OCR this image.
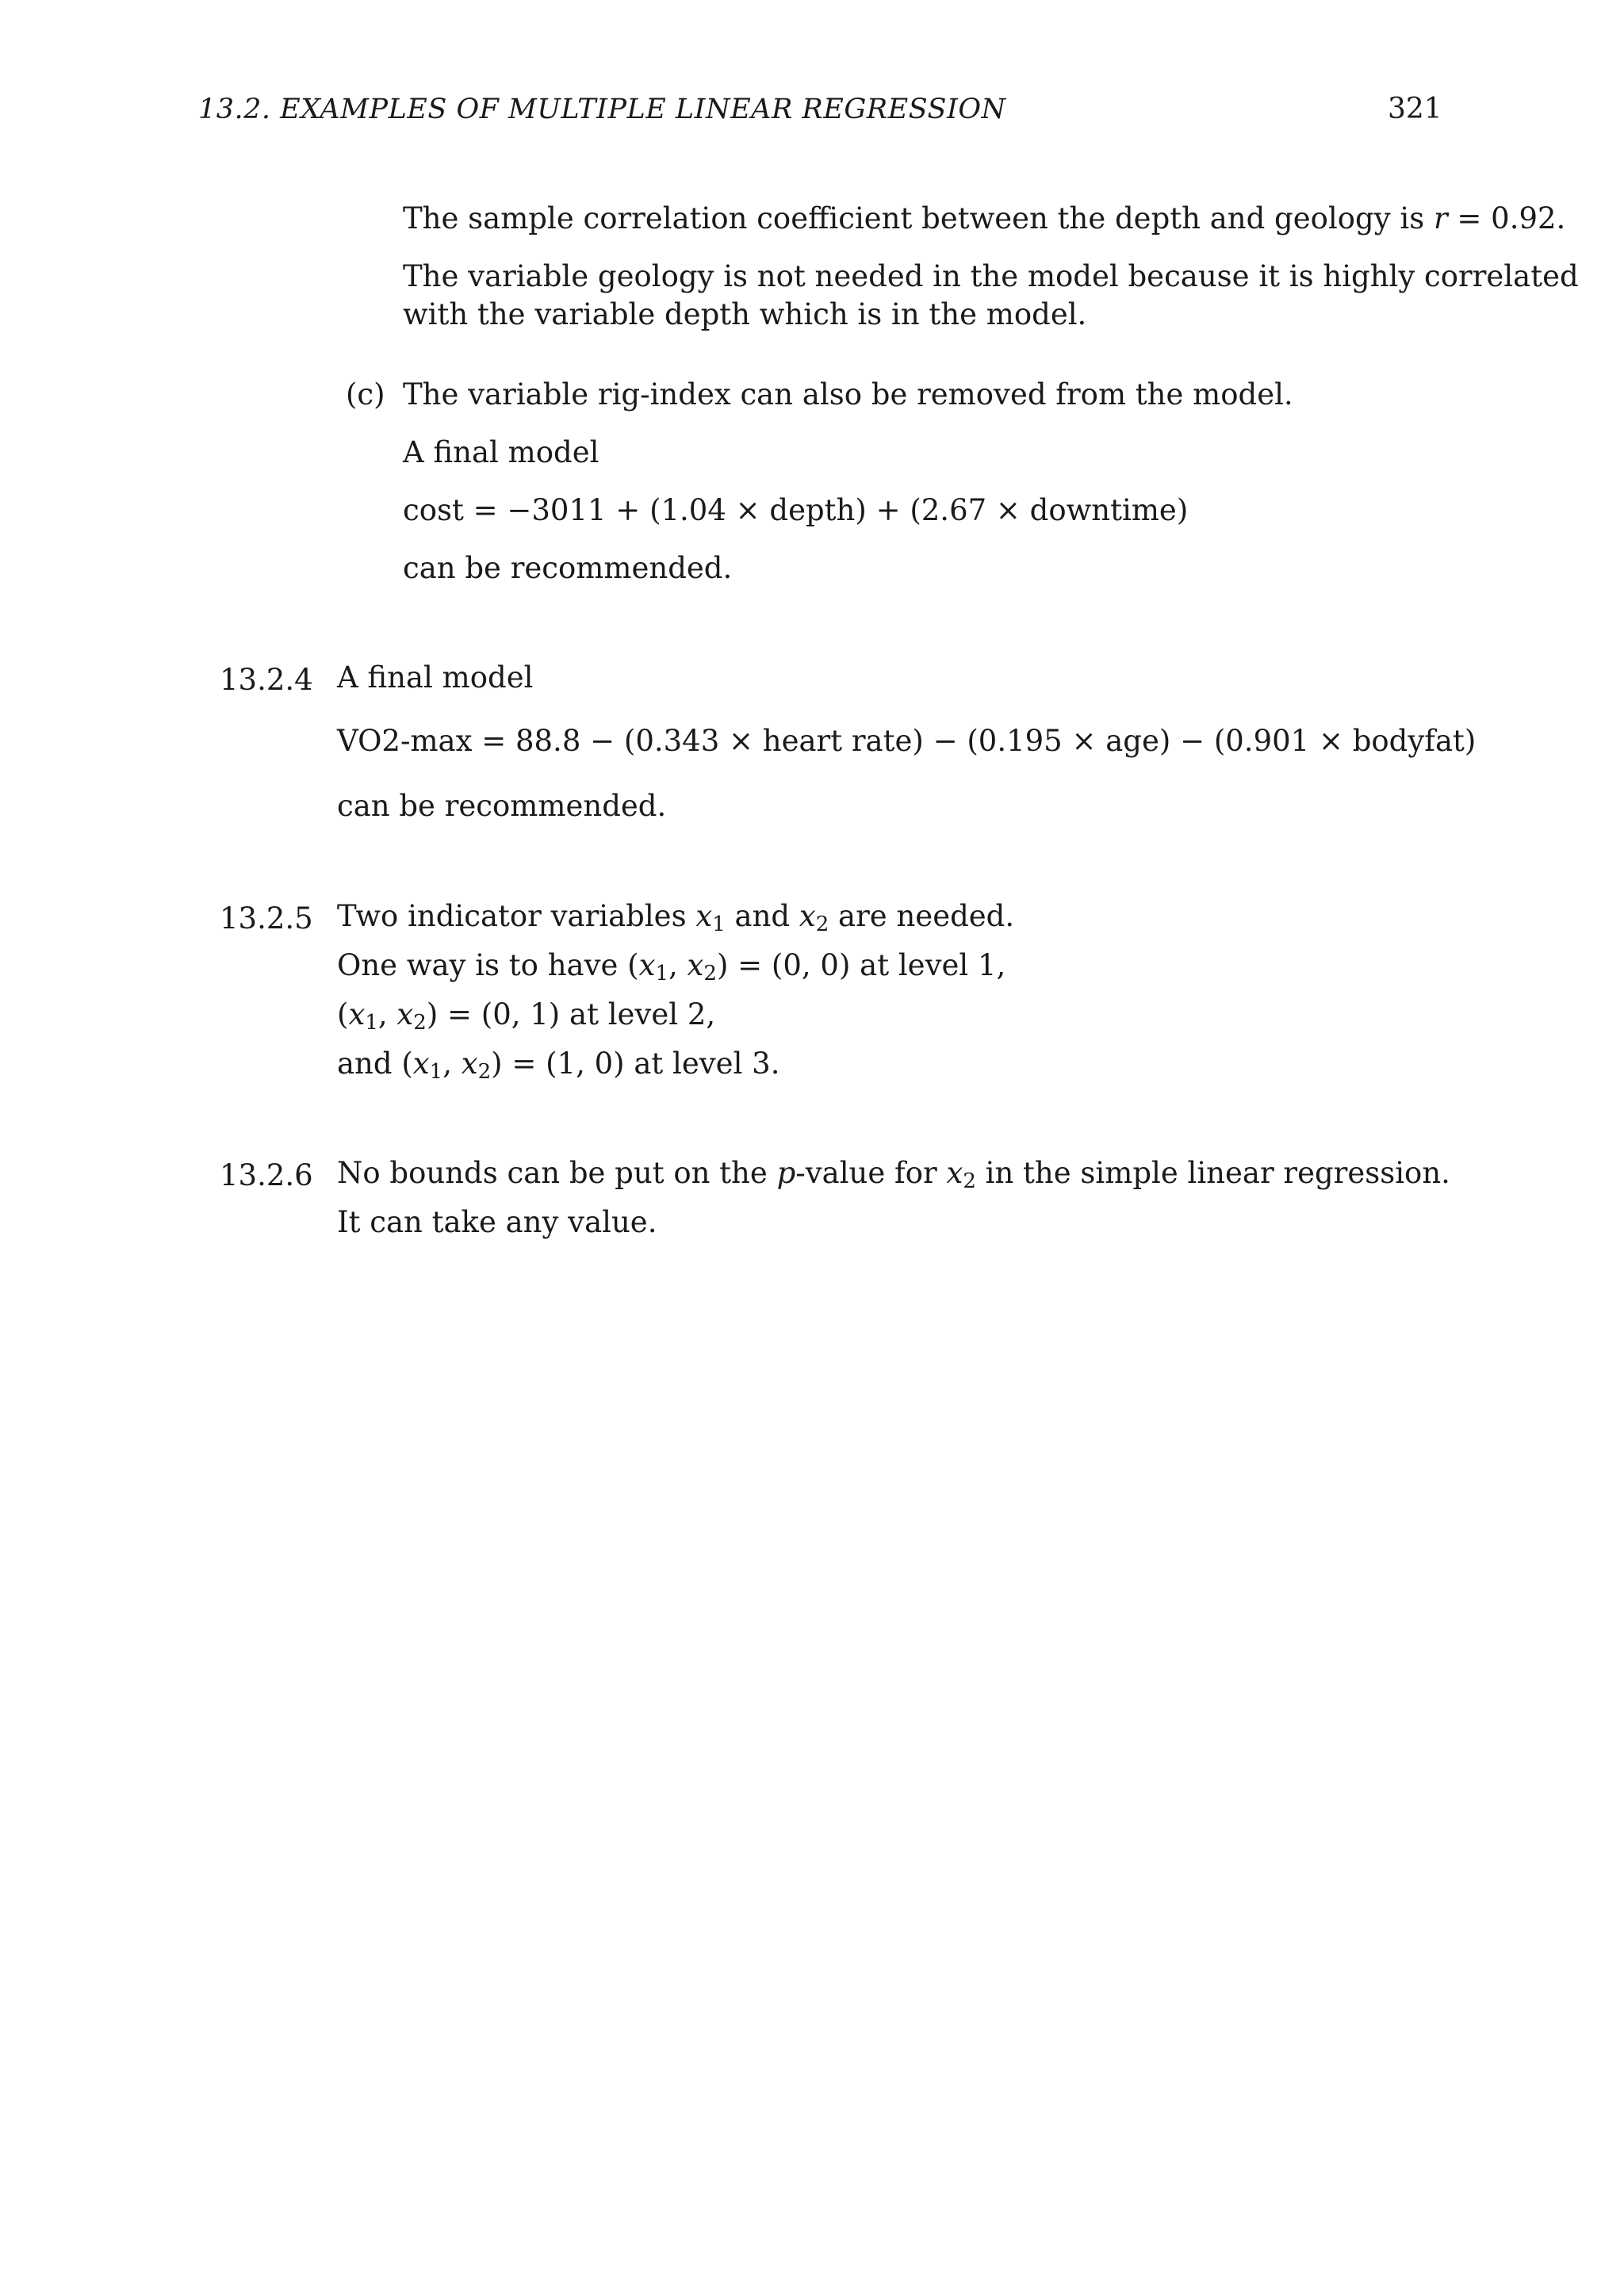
13.2. EXAMPLES OF MULTIPLE LINEAR REGRESSION	321
The sample correlation coefficient between the depth and geology is r = 0.92.
The variable geology is not needed in the model because it is highly correlated
with the variable depth which is in the model.
(c) The variable rig-index can also be removed from the model.
A final model
cost = −3011 + (1.04 × depth) + (2.67 × downtime)
can be recommended.
13.2.4 A final model
VO2-max = 88.8 − (0.343 × heart rate) − (0.195 × age) − (0.901 × bodyfat)
can be recommended.
13.2.5 Two indicator variables $x_1$ and $x_2$ are needed.
One way is to have ($x_1$, $x_2) = (0$, 0) at level 1,
($x_1$, $x_2) = (0$, 1) at level 2,
and ($x_1$, $x_2) = (1$, 0) at level 3.
13.2.6 No bounds can be put on the p-value for $x_2$ in the simple linear regression.
It can take any value.
